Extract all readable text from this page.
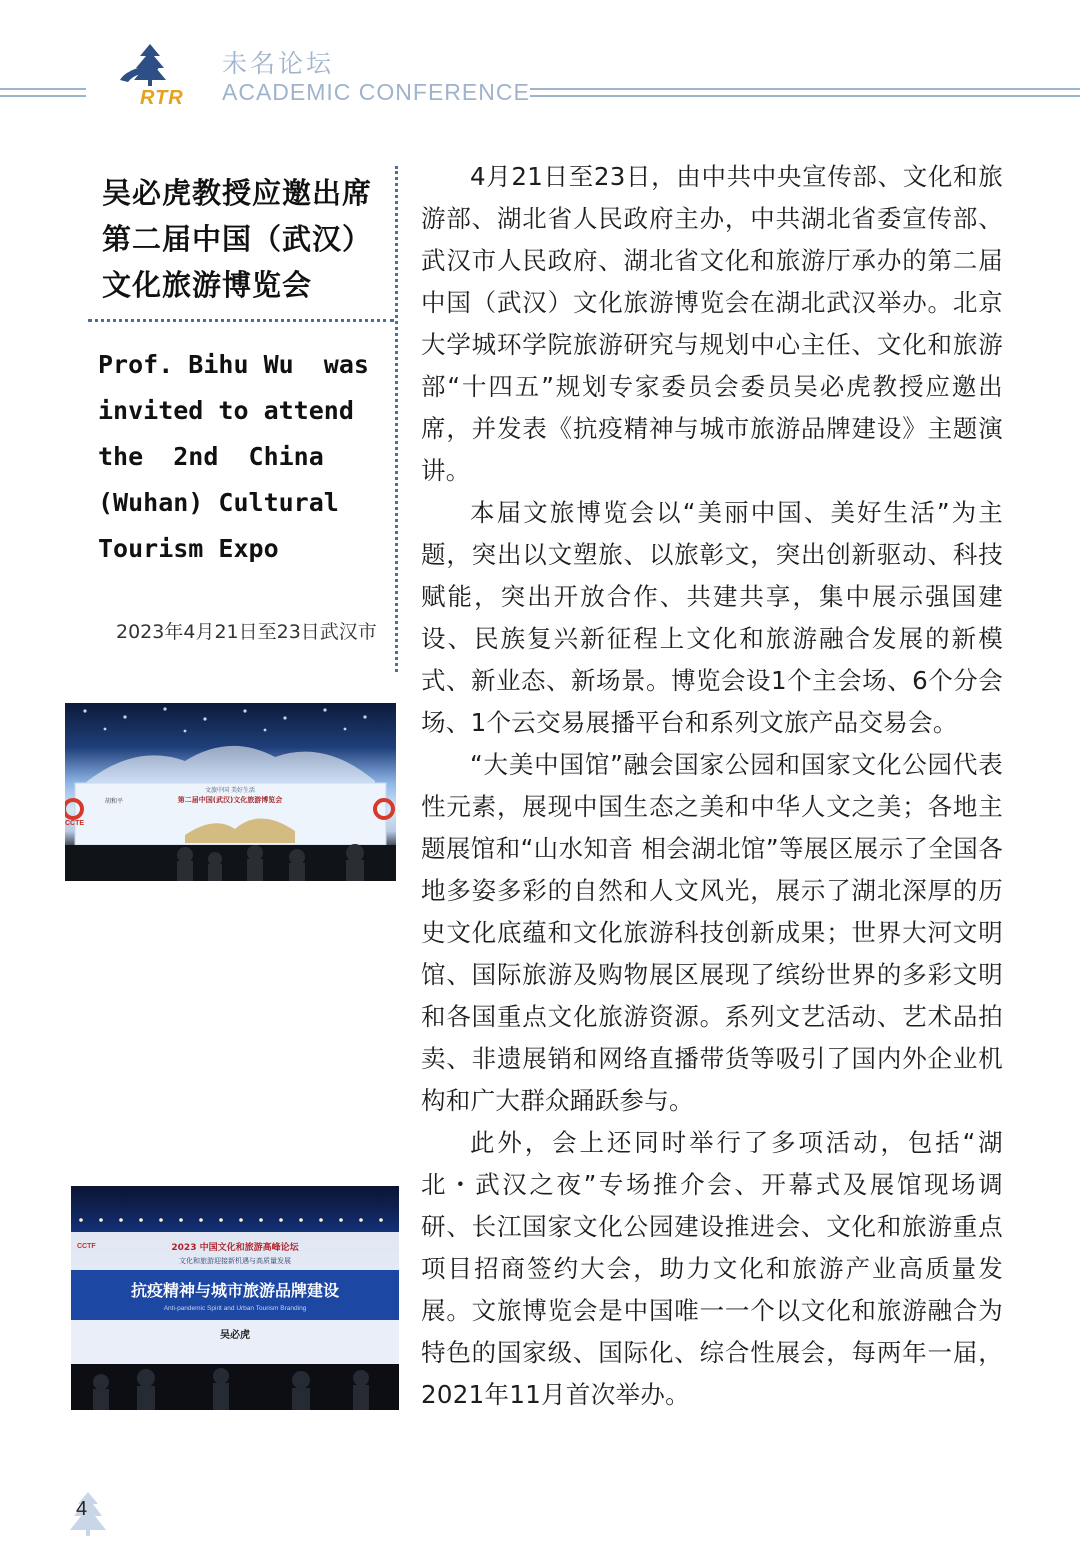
RTR
未名论坛
ACADEMIC CONFERENCE
吴必虎教授应邀出席
第二届中国（武汉）
文化旅游博览会
Prof. Bihu Wu  was
invited to attend
the  2nd  China
(Wuhan) Cultural
Tourism Expo
2023年4月21日至23日武汉市
文旅中国 美好生活
第二届中国(武汉)文化旅游博览会
胡和平
CCTE
CCTF	2023 中国文化和旅游高峰论坛
文化和旅游迎接新机遇与高质量发展
抗疫精神与城市旅游品牌建设
Anti-pandemic Spirit and Urban Tourism Branding
吴必虎

4月21日至23日，由中共中央宣传部、文化和旅游部、湖北省人民政府主办，中共湖北省委宣传部、武汉市人民政府、湖北省文化和旅游厅承办的第二届中国（武汉）文化旅游博览会在湖北武汉举办。北京大学城环学院旅游研究与规划中心主任、文化和旅游部“十四五”规划专家委员会委员吴必虎教授应邀出席，并发表《抗疫精神与城市旅游品牌建设》主题演讲。

本届文旅博览会以“美丽中国、美好生活”为主题，突出以文塑旅、以旅彰文，突出创新驱动、科技赋能，突出开放合作、共建共享，集中展示强国建设、民族复兴新征程上文化和旅游融合发展的新模式、新业态、新场景。博览会设1个主会场、6个分会场、1个云交易展播平台和系列文旅产品交易会。

“大美中国馆”融会国家公园和国家文化公园代表性元素，展现中国生态之美和中华人文之美；各地主题展馆和“山水知音 相会湖北馆”等展区展示了全国各地多姿多彩的自然和人文风光，展示了湖北深厚的历史文化底蕴和文化旅游科技创新成果；世界大河文明馆、国际旅游及购物展区展现了缤纷世界的多彩文明和各国重点文化旅游资源。系列文艺活动、艺术品拍卖、非遗展销和网络直播带货等吸引了国内外企业机构和广大群众踊跃参与。

此外，会上还同时举行了多项活动，包括“湖北・武汉之夜”专场推介会、开幕式及展馆现场调研、长江国家文化公园建设推进会、文化和旅游重点项目招商签约大会，助力文化和旅游产业高质量发展。文旅博览会是中国唯一一个以文化和旅游融合为特色的国家级、国际化、综合性展会，每两年一届，2021年11月首次举办。

4
